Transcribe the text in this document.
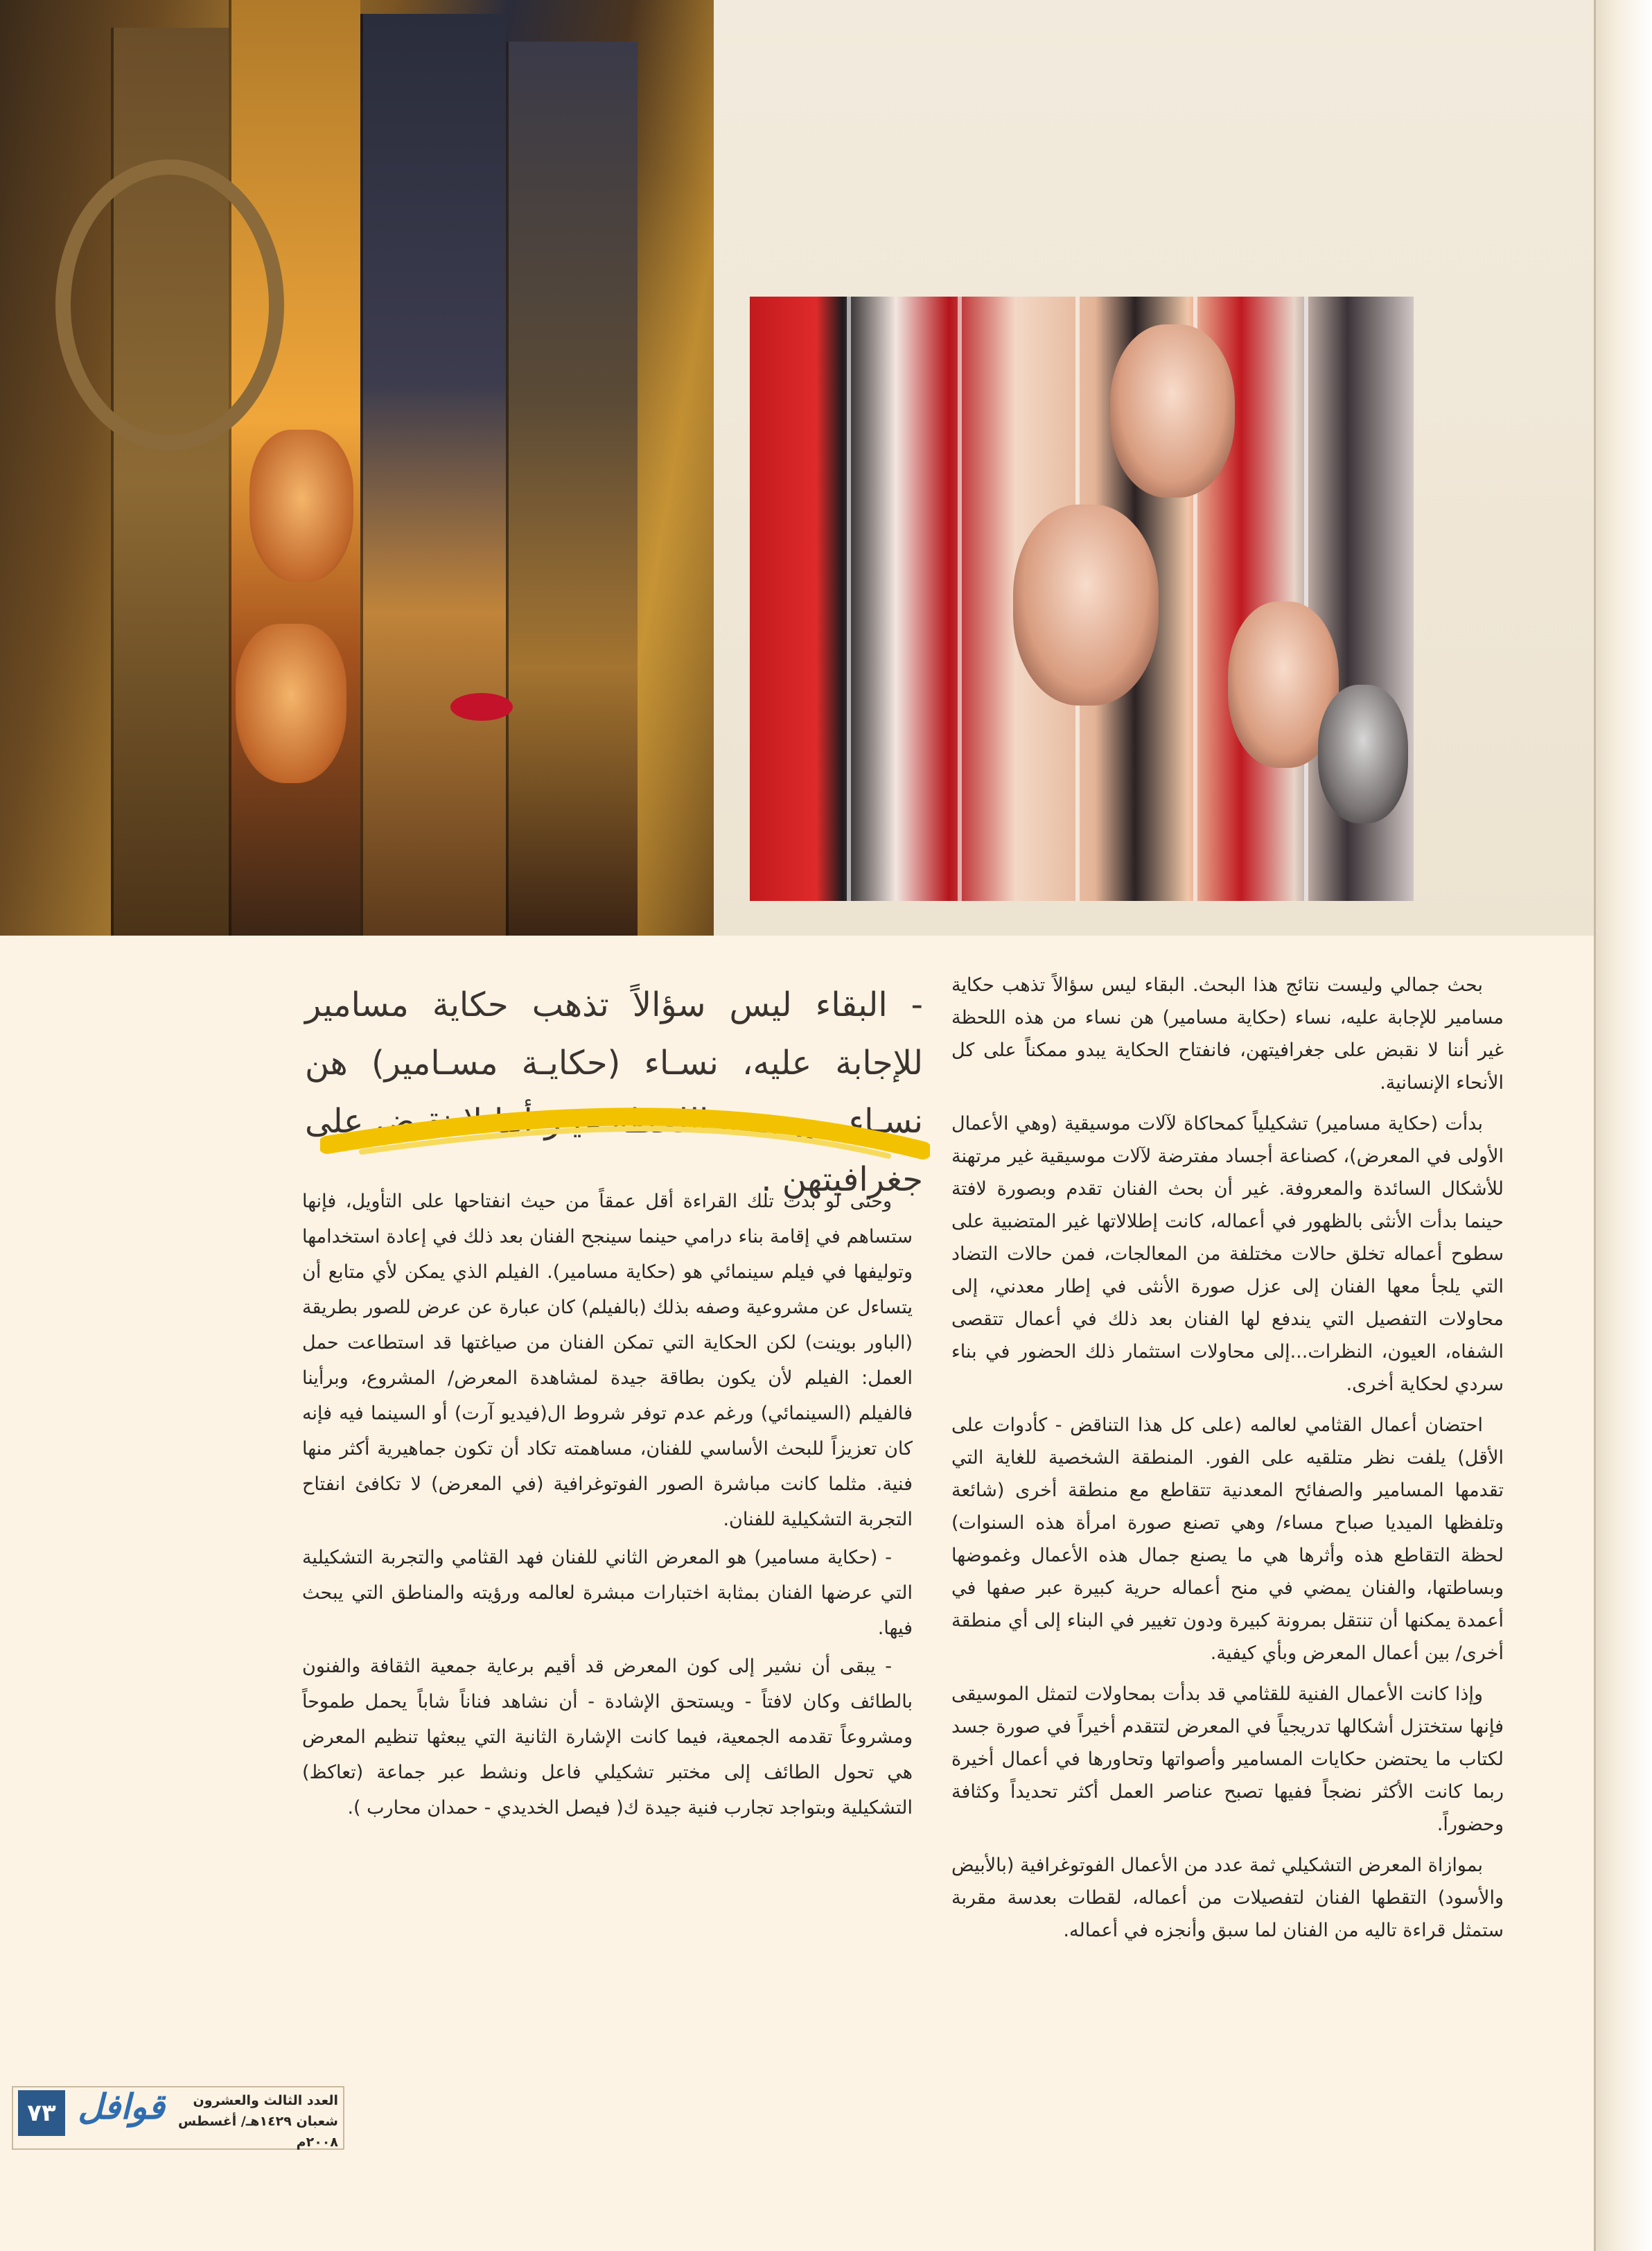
- البقاء ليس سؤالاً تذهب حكاية مسامير للإجابة عليه، نسـاء (حكايـة مسـامير) هن نسـاء من هـذه اللحظة غيـر أننا لا نقبض على جغرافيتهن .

بحث جمالي وليست نتائج هذا البحث. البقاء ليس سؤالاً تذهب حكاية مسامير للإجابة عليه، نساء (حكاية مسامير) هن نساء من هذه اللحظة غير أننا لا نقبض على جغرافيتهن، فانفتاح الحكاية يبدو ممكناً على كل الأنحاء الإنسانية.

بدأت (حكاية مسامير) تشكيلياً كمحاكاة لآلات موسيقية (وهي الأعمال الأولى في المعرض)، كصناعة أجساد مفترضة لآلات موسيقية غير مرتهنة للأشكال السائدة والمعروفة. غير أن بحث الفنان تقدم وبصورة لافتة حينما بدأت الأنثى بالظهور في أعماله، كانت إطلالاتها غير المتضبية على سطوح أعماله تخلق حالات مختلفة من المعالجات، فمن حالات التضاد التي يلجأ معها الفنان إلى عزل صورة الأنثى في إطار معدني، إلى محاولات التفصيل التي يندفع لها الفنان بعد ذلك في أعمال تتقصى الشفاه، العيون، النظرات...إلى محاولات استثمار ذلك الحضور في بناء سردي لحكاية أخرى.

احتضان أعمال القثامي لعالمه (على كل هذا التناقض - كأدوات على الأقل) يلفت نظر متلقيه على الفور. المنطقة الشخصية للغاية التي تقدمها المسامير والصفائح المعدنية تتقاطع مع منطقة أخرى (شائعة وتلفظها الميديا صباح مساء/ وهي تصنع صورة امرأة هذه السنوات) لحظة التقاطع هذه وأثرها هي ما يصنع جمال هذه الأعمال وغموضها وبساطتها، والفنان يمضي في منح أعماله حرية كبيرة عبر صفها في أعمدة يمكنها أن تنتقل بمرونة كبيرة ودون تغيير في البناء إلى أي منطقة أخرى/ بين أعمال المعرض وبأي كيفية.

وإذا كانت الأعمال الفنية للقثامي قد بدأت بمحاولات لتمثل الموسيقى فإنها ستختزل أشكالها تدريجياً في المعرض لتتقدم أخيراً في صورة جسد لكتاب ما يحتضن حكايات المسامير وأصواتها وتحاورها في أعمال أخيرة ربما كانت الأكثر نضجاً ففيها تصبح عناصر العمل أكثر تحديداً وكثافة وحضوراً.

بموازاة المعرض التشكيلي ثمة عدد من الأعمال الفوتوغرافية (بالأبيض والأسود) التقطها الفنان لتفصيلات من أعماله، لقطات بعدسة مقربة ستمثل قراءة تاليه من الفنان لما سبق وأنجزه في أعماله.

وحتى لو بدت تلك القراءة أقل عمقاً من حيث انفتاحها على التأويل، فإنها ستساهم في إقامة بناء درامي حينما سينجح الفنان بعد ذلك في إعادة استخدامها وتوليفها في فيلم سينمائي هو (حكاية مسامير). الفيلم الذي يمكن لأي متابع أن يتساءل عن مشروعية وصفه بذلك (بالفيلم) كان عبارة عن عرض للصور بطريقة (الباور بوينت) لكن الحكاية التي تمكن الفنان من صياغتها قد استطاعت حمل العمل: الفيلم لأن يكون بطاقة جيدة لمشاهدة المعرض/ المشروع، وبرأينا فالفيلم (السينمائي) ورغم عدم توفر شروط ال(فيديو آرت) أو السينما فيه فإنه كان تعزيزاً للبحث الأساسي للفنان، مساهمته تكاد أن تكون جماهيرية أكثر منها فنية. مثلما كانت مباشرة الصور الفوتوغرافية (في المعرض) لا تكافئ انفتاح التجربة التشكيلية للفنان.

- (حكاية مسامير) هو المعرض الثاني للفنان فهد القثامي والتجربة التشكيلية التي عرضها الفنان بمثابة اختبارات مبشرة لعالمه ورؤيته والمناطق التي يبحث فيها.

- يبقى أن نشير إلى كون المعرض قد أقيم برعاية جمعية الثقافة والفنون بالطائف وكان لافتاً - ويستحق الإشادة - أن نشاهد فناناً شاباً يحمل طموحاً ومشروعاً تقدمه الجمعية، فيما كانت الإشارة الثانية التي يبعثها تنظيم المعرض هي تحول الطائف إلى مختبر تشكيلي فاعل ونشط عبر جماعة (تعاكظ) التشكيلية وبتواجد تجارب فنية جيدة ك( فيصل الخديدي - حمدان محارب ).

٧٣ قوافل	العدد الثالث والعشرون
شعبان ١٤٢٩هـ/ أغسطس ٢٠٠٨م
